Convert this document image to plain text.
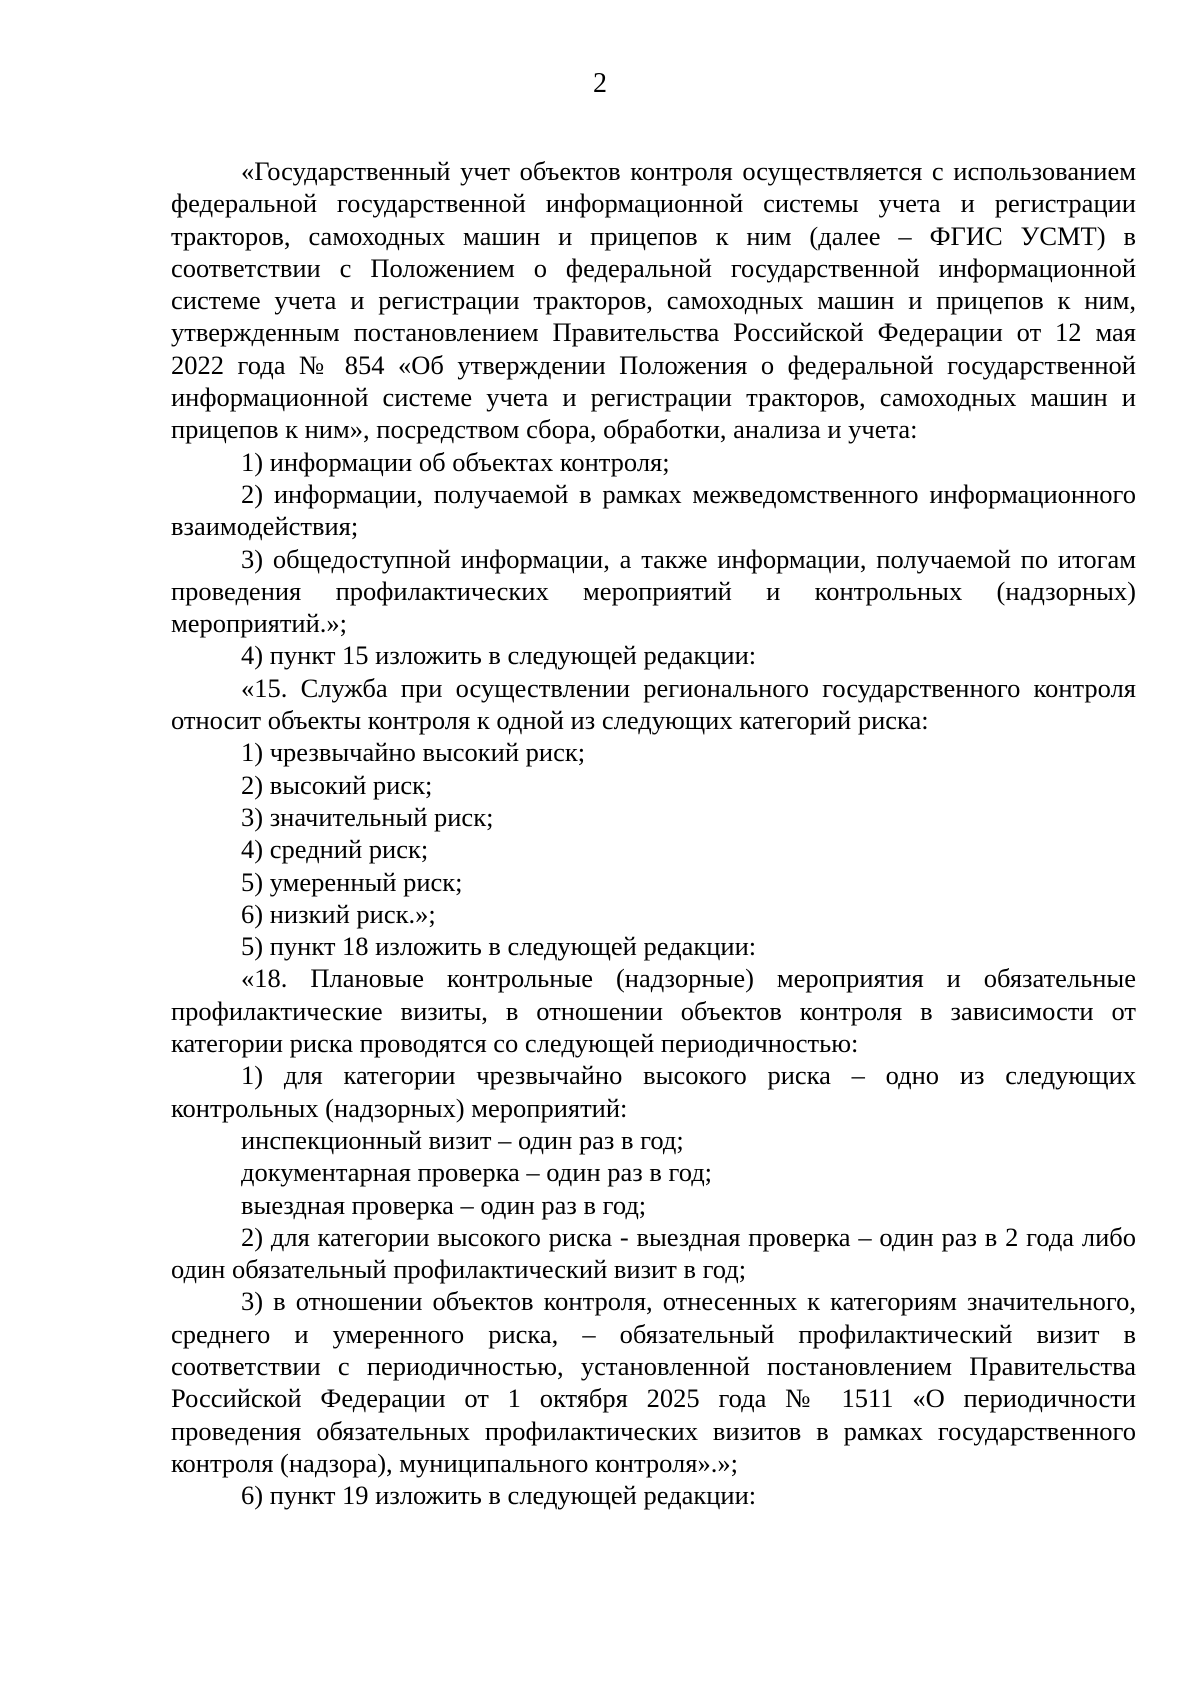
2

«Государственный учет объектов контроля осуществляется с использованием федеральной государственной информационной системы учета и регистрации тракторов, самоходных машин и прицепов к ним (далее – ФГИС УСМТ) в соответствии с Положением о федеральной государственной информационной системе учета и регистрации тракторов, самоходных машин и прицепов к ним, утвержденным постановлением Правительства Российской Федерации от 12 мая 2022 года № 854 «Об утверждении Положения о федеральной государственной информационной системе учета и регистрации тракторов, самоходных машин и прицепов к ним», посредством сбора, обработки, анализа и учета:

1) информации об объектах контроля;

2) информации, получаемой в рамках межведомственного информационного взаимодействия;

3) общедоступной информации, а также информации, получаемой по итогам проведения профилактических мероприятий и контрольных (надзорных) мероприятий.»;

4) пункт 15 изложить в следующей редакции:

«15. Служба при осуществлении регионального государственного контроля относит объекты контроля к одной из следующих категорий риска:

1) чрезвычайно высокий риск;

2) высокий риск;

3) значительный риск;

4) средний риск;

5) умеренный риск;

6) низкий риск.»;

5) пункт 18 изложить в следующей редакции:

«18. Плановые контрольные (надзорные) мероприятия и обязательные профилактические визиты, в отношении объектов контроля в зависимости от категории риска проводятся со следующей периодичностью:

1) для категории чрезвычайно высокого риска – одно из следующих контрольных (надзорных) мероприятий:

инспекционный визит – один раз в год;

документарная проверка – один раз в год;

выездная проверка – один раз в год;

2) для категории высокого риска - выездная проверка – один раз в 2 года либо один обязательный профилактический визит в год;

3) в отношении объектов контроля, отнесенных к категориям значительного, среднего и умеренного риска, – обязательный профилактический визит в соответствии с периодичностью, установленной постановлением Правительства Российской Федерации от 1 октября 2025 года № 1511 «О периодичности проведения обязательных профилактических визитов в рамках государственного контроля (надзора), муниципального контроля».»;

6) пункт 19 изложить в следующей редакции:
